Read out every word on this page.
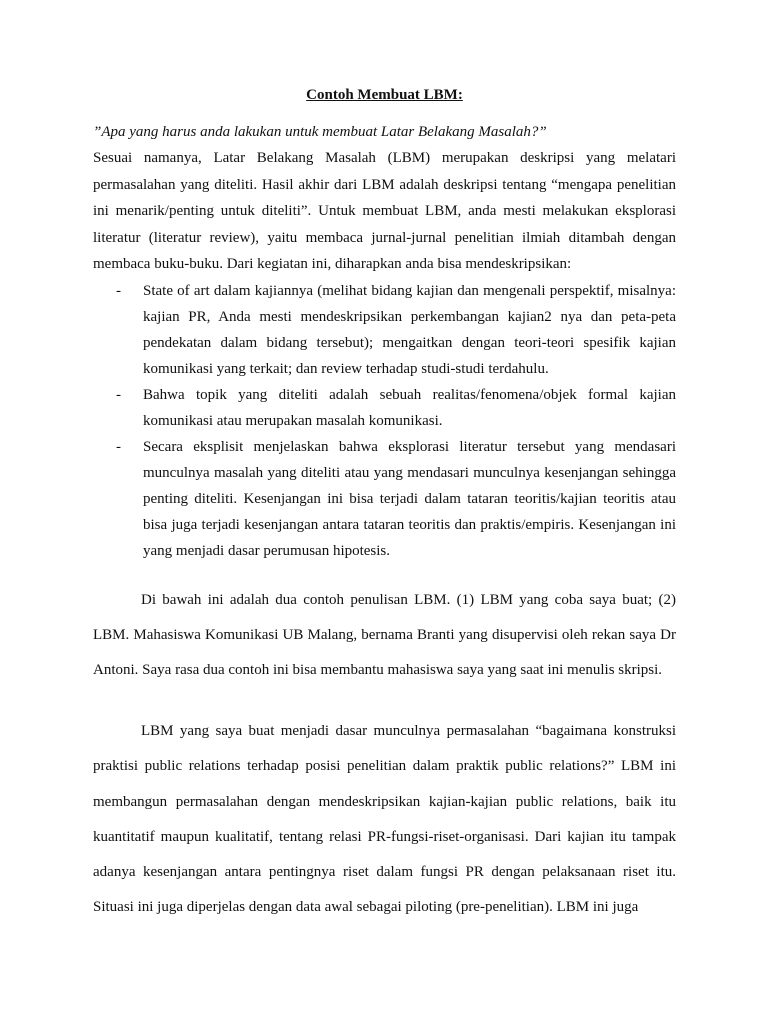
Contoh Membuat LBM:

”Apa yang harus anda lakukan untuk membuat Latar Belakang Masalah?”

Sesuai namanya, Latar Belakang Masalah (LBM) merupakan deskripsi yang melatari permasalahan yang diteliti. Hasil akhir dari LBM adalah deskripsi tentang “mengapa penelitian ini menarik/penting untuk diteliti”. Untuk membuat LBM, anda mesti melakukan eksplorasi literatur (literatur review), yaitu membaca jurnal-jurnal penelitian ilmiah ditambah dengan membaca buku-buku. Dari kegiatan ini, diharapkan anda bisa mendeskripsikan:

- State of art dalam kajiannya (melihat bidang kajian dan mengenali perspektif, misalnya: kajian PR, Anda mesti mendeskripsikan perkembangan kajian2 nya dan peta-peta pendekatan dalam bidang tersebut); mengaitkan dengan teori-teori spesifik kajian komunikasi yang terkait; dan review terhadap studi-studi terdahulu.
- Bahwa topik yang diteliti adalah sebuah realitas/fenomena/objek formal kajian komunikasi atau merupakan masalah komunikasi.
- Secara eksplisit menjelaskan bahwa eksplorasi literatur tersebut yang mendasari munculnya masalah yang diteliti atau yang mendasari munculnya kesenjangan sehingga penting diteliti. Kesenjangan ini bisa terjadi dalam tataran teoritis/kajian teoritis atau bisa juga terjadi kesenjangan antara tataran teoritis dan praktis/empiris. Kesenjangan ini yang menjadi dasar perumusan hipotesis.

Di bawah ini adalah dua contoh penulisan LBM. (1) LBM yang coba saya buat; (2) LBM. Mahasiswa Komunikasi UB Malang, bernama Branti yang disupervisi oleh rekan saya Dr Antoni. Saya rasa dua contoh ini bisa membantu mahasiswa saya yang saat ini menulis skripsi.

LBM yang saya buat menjadi dasar munculnya permasalahan “bagaimana konstruksi praktisi public relations terhadap posisi penelitian dalam praktik public relations?” LBM ini membangun permasalahan dengan mendeskripsikan kajian-kajian public relations, baik itu kuantitatif maupun kualitatif, tentang relasi PR-fungsi-riset-organisasi. Dari kajian itu tampak adanya kesenjangan antara pentingnya riset dalam fungsi PR dengan pelaksanaan riset itu. Situasi ini juga diperjelas dengan data awal sebagai piloting (pre-penelitian). LBM ini juga
